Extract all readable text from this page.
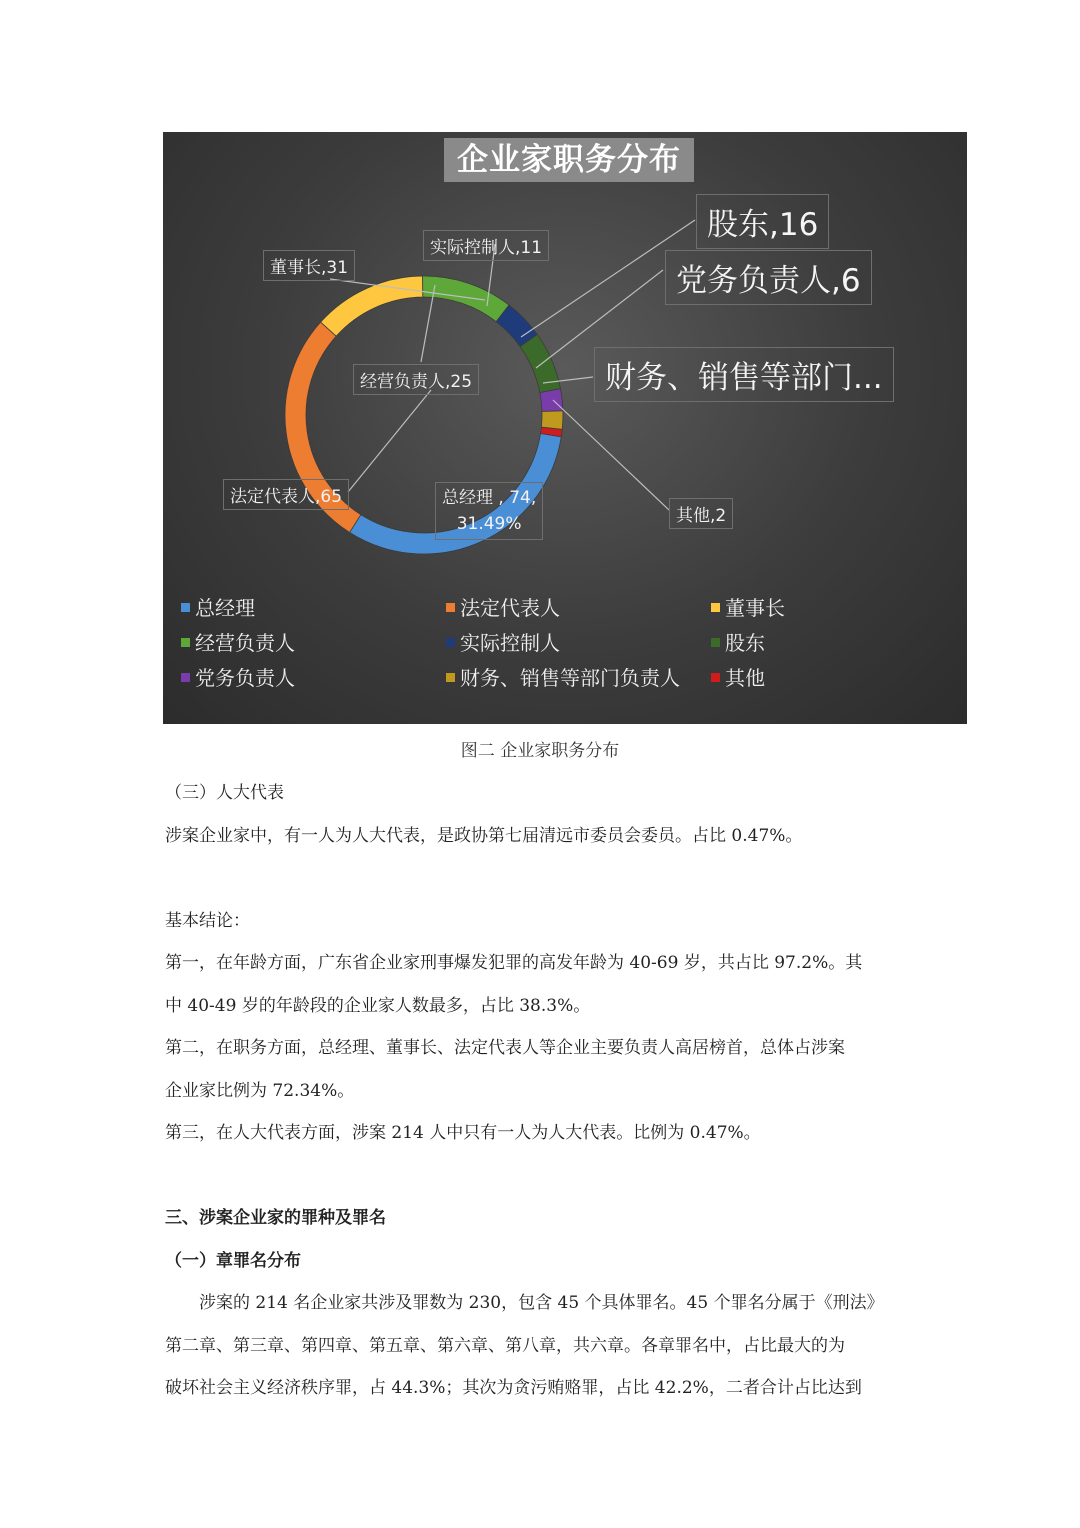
企业家职务分布
董事长,31
实际控制人,11
经营负责人,25
法定代表人,65	总经理 , 74,
31.49%
股东,16
党务负责人,6
财务、销售等部门...
其他,2
总经理	法定代表人	董事长
经营负责人	实际控制人	股东
党务负责人	财务、销售等部门负责人	其他
图二 企业家职务分布
（三）人大代表
涉案企业家中，有一人为人大代表，是政协第七届清远市委员会委员。占比 0.47%。
基本结论：
第一，在年龄方面，广东省企业家刑事爆发犯罪的高发年龄为 40-69 岁，共占比 97.2%。其
中 40-49 岁的年龄段的企业家人数最多，占比 38.3%。
第二，在职务方面，总经理、董事长、法定代表人等企业主要负责人高居榜首，总体占涉案
企业家比例为 72.34%。
第三，在人大代表方面，涉案 214 人中只有一人为人大代表。比例为 0.47%。
三、涉案企业家的罪种及罪名
（一）章罪名分布
　　涉案的 214 名企业家共涉及罪数为 230，包含 45 个具体罪名。45 个罪名分属于《刑法》
第二章、第三章、第四章、第五章、第六章、第八章，共六章。各章罪名中，占比最大的为
破坏社会主义经济秩序罪，占 44.3%；其次为贪污贿赂罪，占比 42.2%，二者合计占比达到
